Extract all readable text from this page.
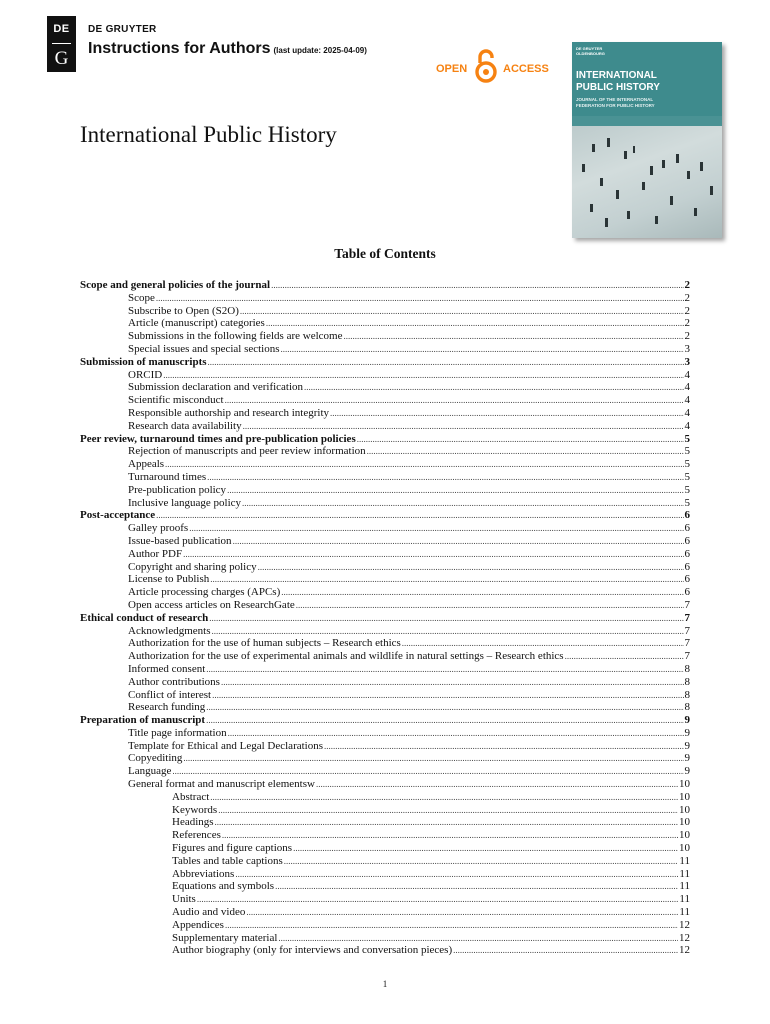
DE
G
DE GRUYTER
Instructions for Authors (last update: 2025-04-09)
OPEN	ACCESS
DE GRUYTER
OLDENBOURG
INTERNATIONAL
PUBLIC HISTORY
JOURNAL OF THE INTERNATIONAL
FEDERATION FOR PUBLIC HISTORY
International Public History
Table of Contents
Scope and general policies of the journal .....	2
Scope .....	2
Subscribe to Open (S2O) .....	2
Article (manuscript) categories .....	2
Submissions in the following fields are welcome .....	2
Special issues and special sections .....	3
Submission of manuscripts .....	3
ORCID .....	4
Submission declaration and verification .....	4
Scientific misconduct .....	4
Responsible authorship and research integrity .....	4
Research data availability .....	4
Peer review, turnaround times and pre-publication policies .....	5
Rejection of manuscripts and peer review information .....	5
Appeals .....	5
Turnaround times .....	5
Pre-publication policy .....	5
Inclusive language policy .....	5
Post-acceptance .....	6
Galley proofs .....	6
Issue-based publication .....	6
Author PDF .....	6
Copyright and sharing policy .....	6
License to Publish .....	6
Article processing charges (APCs) .....	6
Open access articles on ResearchGate .....	7
Ethical conduct of research .....	7
Acknowledgments .....	7
Authorization for the use of human subjects – Research ethics .....	7
Authorization for the use of experimental animals and wildlife in natural settings – Research ethics .....	7
Informed consent .....	8
Author contributions .....	8
Conflict of interest .....	8
Research funding .....	8
Preparation of manuscript .....	9
Title page information .....	9
Template for Ethical and Legal Declarations .....	9
Copyediting .....	9
Language .....	9
General format and manuscript elementsw .....	10
Abstract .....	10
Keywords .....	10
Headings .....	10
References .....	10
Figures and figure captions .....	10
Tables and table captions .....	11
Abbreviations .....	11
Equations and symbols .....	11
Units .....	11
Audio and video .....	11
Appendices .....	12
Supplementary material .....	12
Author biography (only for interviews and conversation pieces) .....	12
1
